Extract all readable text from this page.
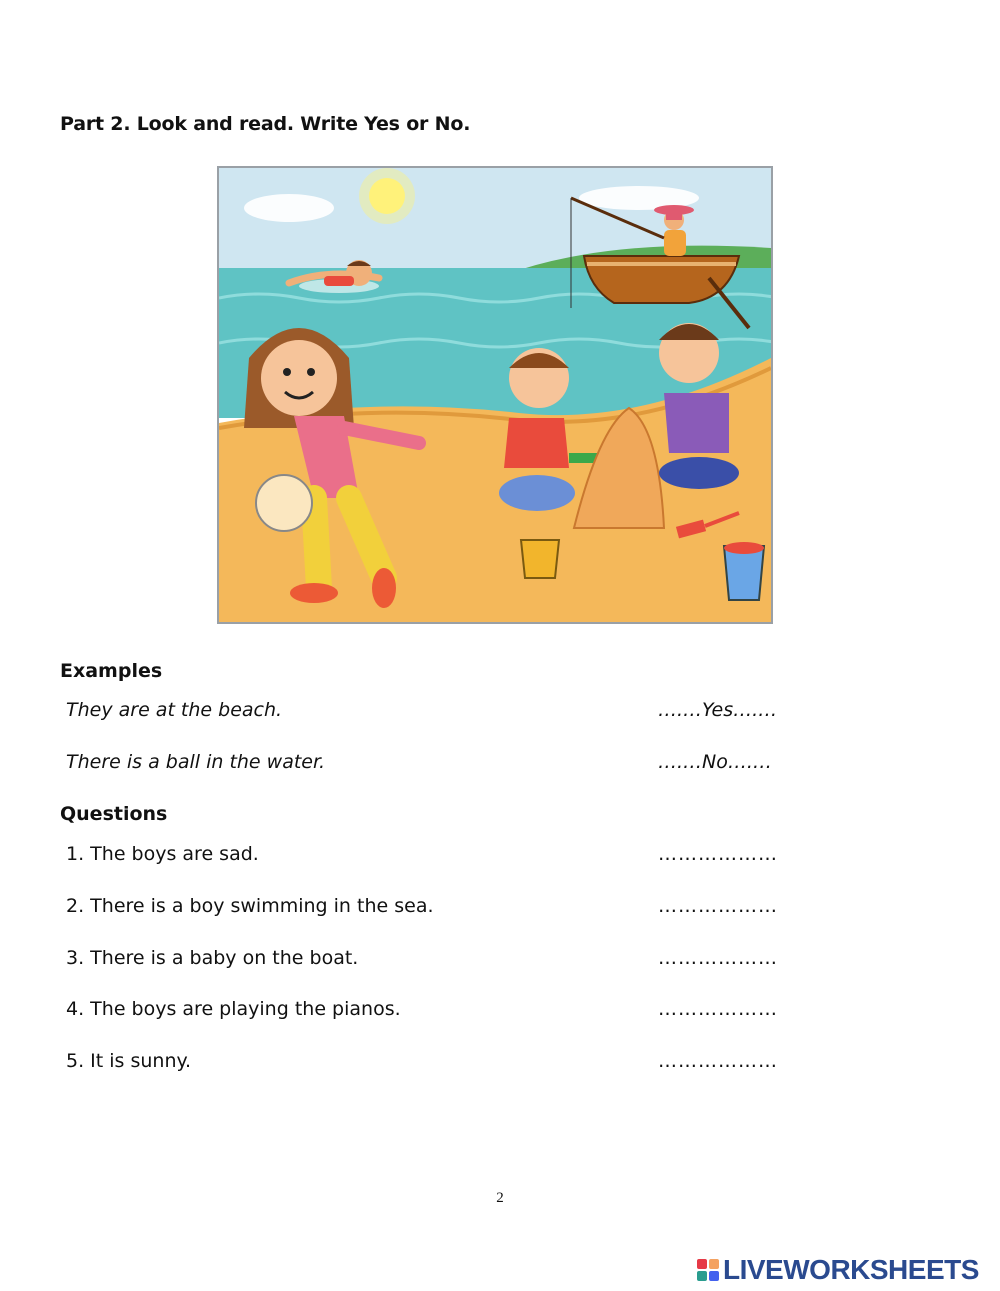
Part 2. Look and read. Write Yes or No.
Examples
They are at the beach.	….…Yes….…
There is a ball in the water.	….…No….…
Questions
1. The boys are sad.	………………
2. There is a boy swimming in the sea.	………………
3. There is a baby on the boat.	………………
4. The boys are playing the pianos.	………………
5. It is sunny.	………………
2
LIVEWORKSHEETS
